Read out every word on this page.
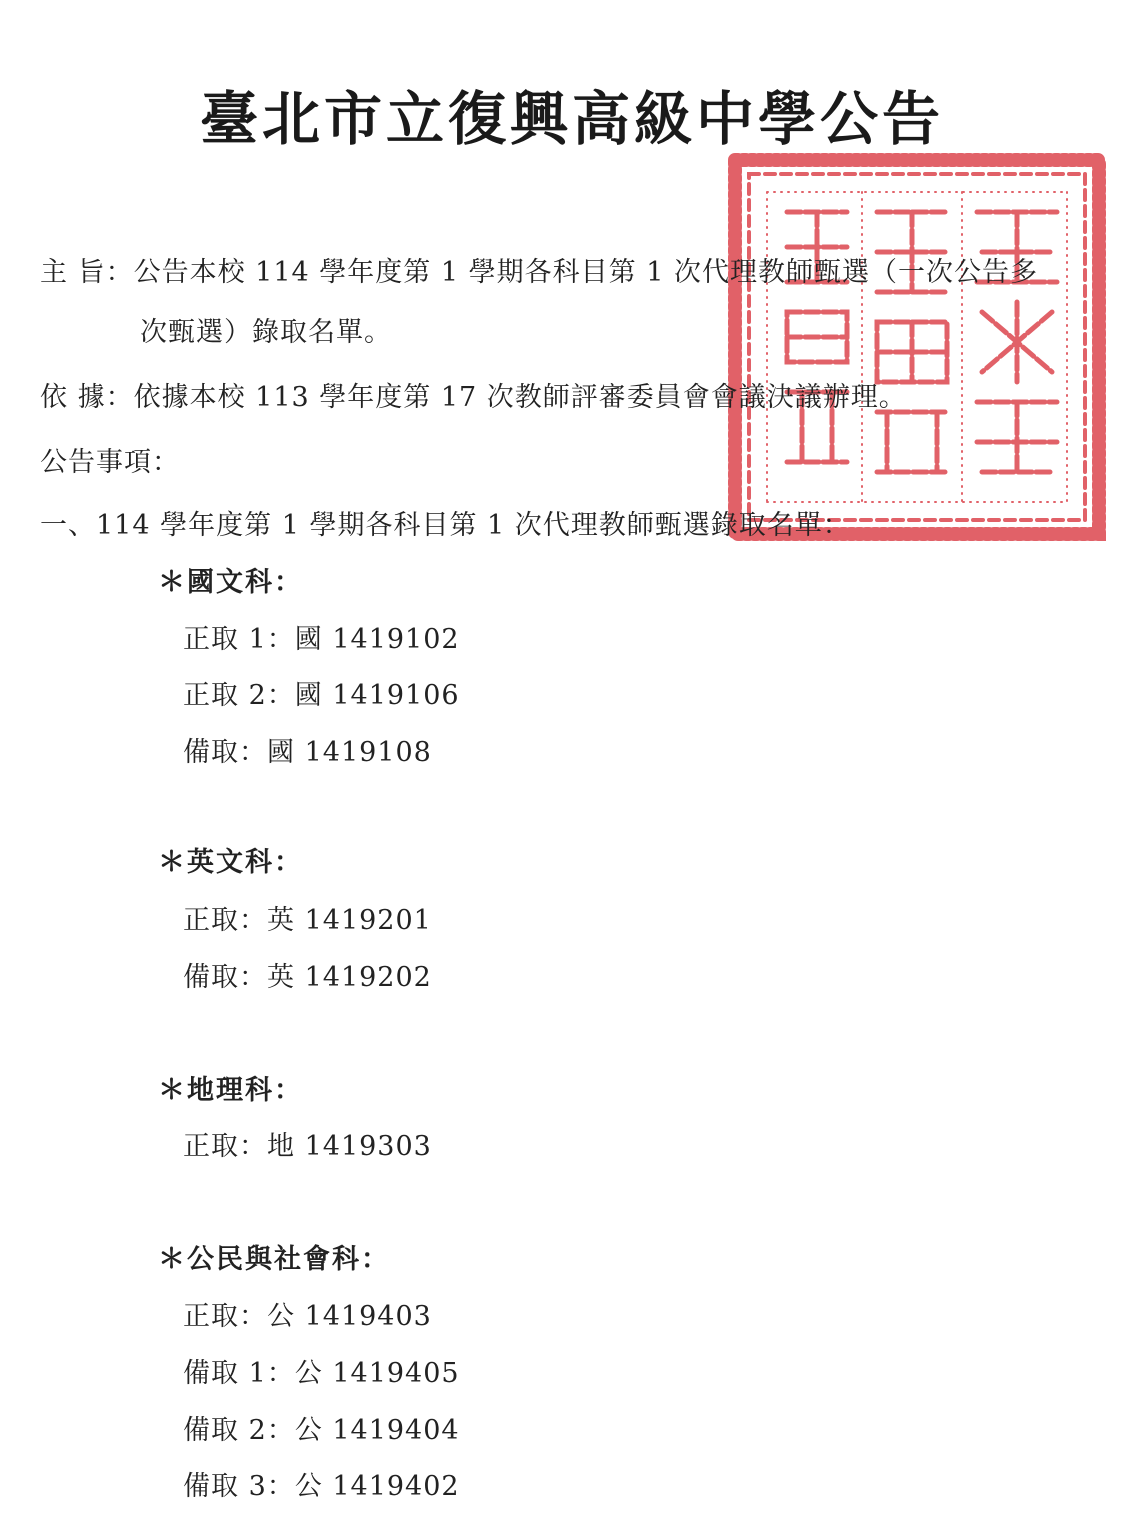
臺北市立復興高級中學公告
主 旨：公告本校 114 學年度第 1 學期各科目第 1 次代理教師甄選（一次公告多
次甄選）錄取名單。
依 據：依據本校 113 學年度第 17 次教師評審委員會會議決議辦理。
公告事項：
一、114 學年度第 1 學期各科目第 1 次代理教師甄選錄取名單：
＊國文科：
正取 1：國 1419102
正取 2：國 1419106
備取：國 1419108
＊英文科：
正取：英 1419201
備取：英 1419202
＊地理科：
正取：地 1419303
＊公民與社會科：
正取：公 1419403
備取 1：公 1419405
備取 2：公 1419404
備取 3：公 1419402
